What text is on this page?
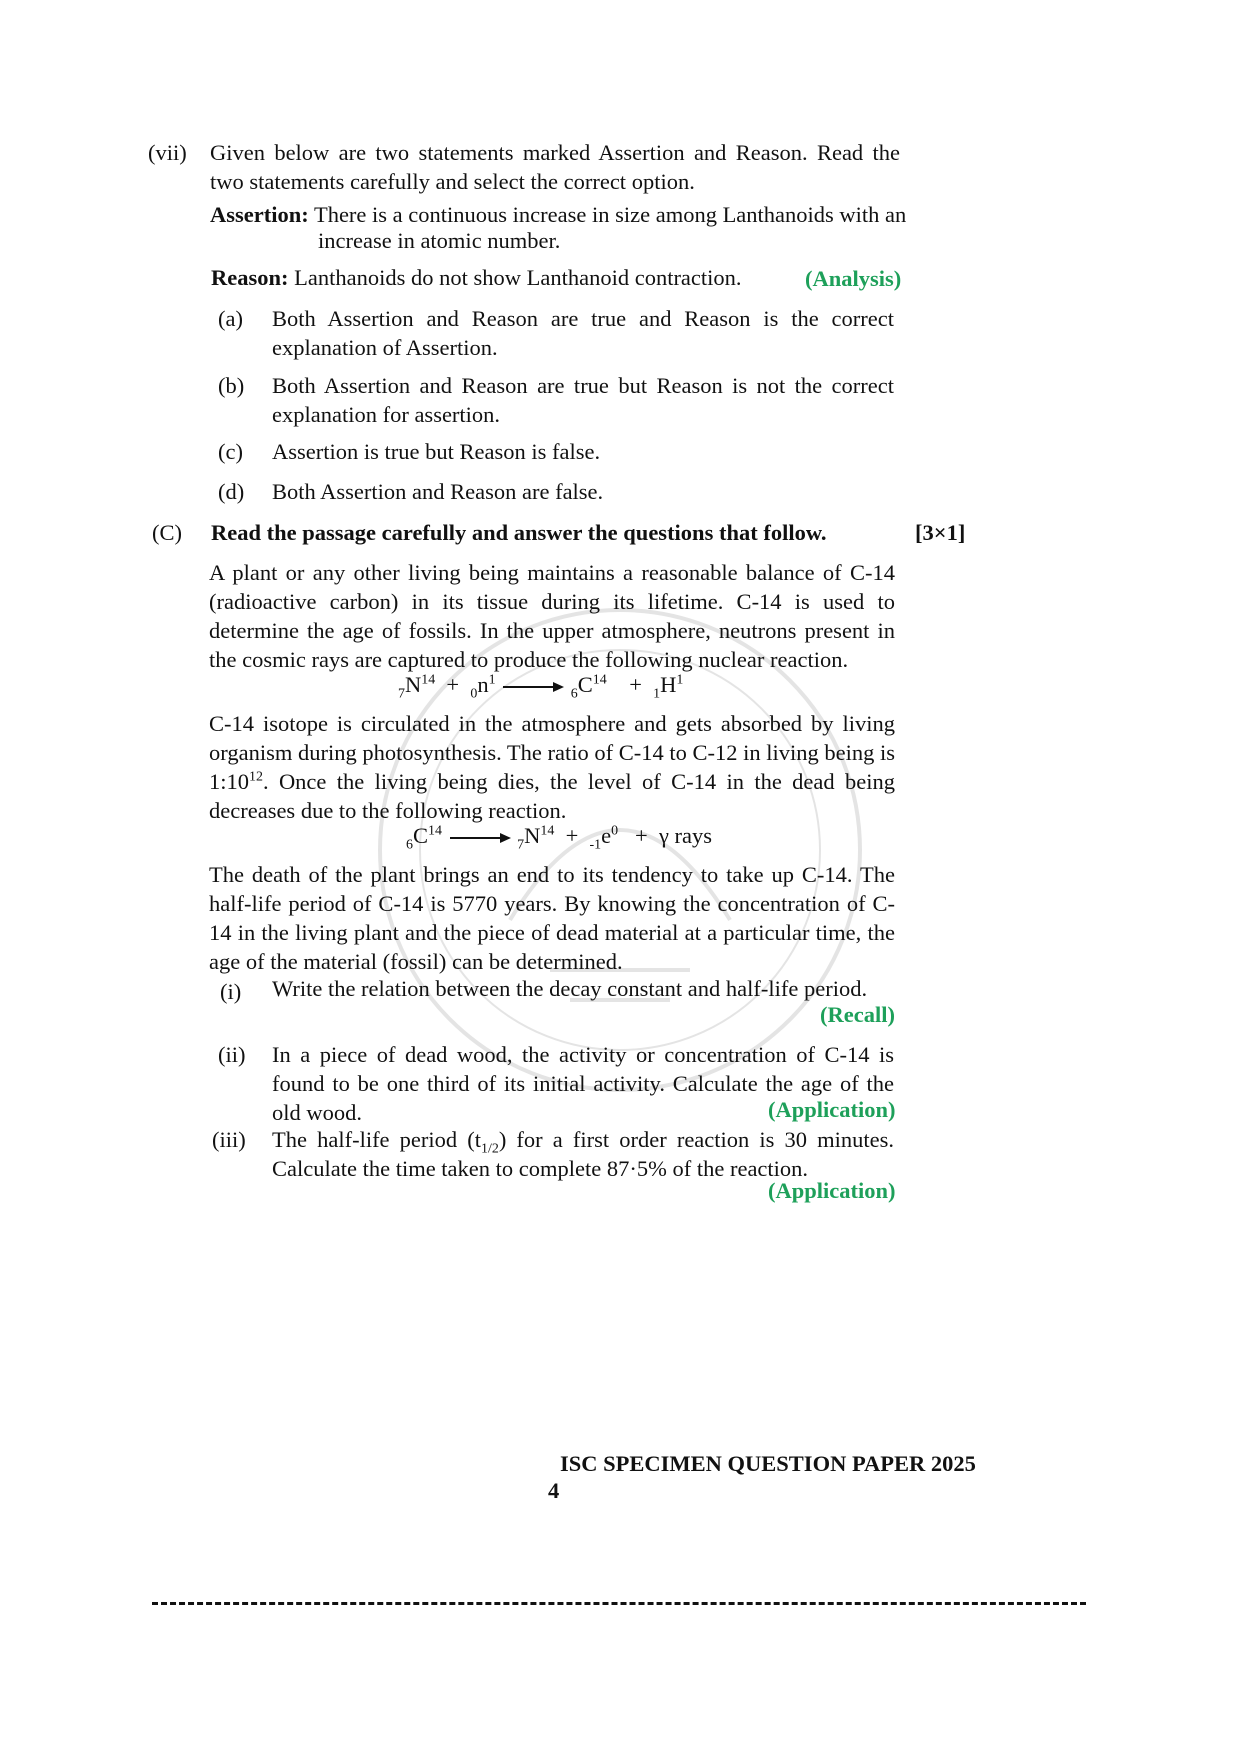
(vii) Given below are two statements marked Assertion and Reason. Read the two statements carefully and select the correct option.
Assertion: There is a continuous increase in size among Lanthanoids with an
increase in atomic number.
Reason: Lanthanoids do not show Lanthanoid contraction.	(Analysis)
(a) Both Assertion and Reason are true and Reason is the correct explanation of Assertion.
(b) Both Assertion and Reason are true but Reason is not the correct explanation for assertion.
(c) Assertion is true but Reason is false.
(d) Both Assertion and Reason are false.
(C) Read the passage carefully and answer the questions that follow.	[3×1]
A plant or any other living being maintains a reasonable balance of C-14 (radioactive carbon) in its tissue during its lifetime. C-14 is used to determine the age of fossils. In the upper atmosphere, neutrons present in the cosmic rays are captured to produce the following nuclear reaction.
$_7N^{14} + _0n^1 \to _6C^{14} + _1H^1$
C-14 isotope is circulated in the atmosphere and gets absorbed by living organism during photosynthesis. The ratio of C-14 to C-12 in living being is $1:10^{12}$. Once the living being dies, the level of C-14 in the dead being decreases due to the following reaction.
$_6C^{14} \to _7N^{14} + _{-1}e^0 + \gamma$ rays
The death of the plant brings an end to its tendency to take up C-14. The half-life period of C-14 is 5770 years. By knowing the concentration of C-14 in the living plant and the piece of dead material at a particular time, the age of the material (fossil) can be determined.
(i) Write the relation between the decay constant and half-life period.
(Recall)
(ii) In a piece of dead wood, the activity or concentration of C-14 is found to be one third of its initial activity. Calculate the age of the old wood.	(Application)
(iii) The half-life period $(t_{1/2})$ for a first order reaction is 30 minutes. Calculate the time taken to complete 87·5% of the reaction.
(Application)
ISC SPECIMEN QUESTION PAPER 2025
4
